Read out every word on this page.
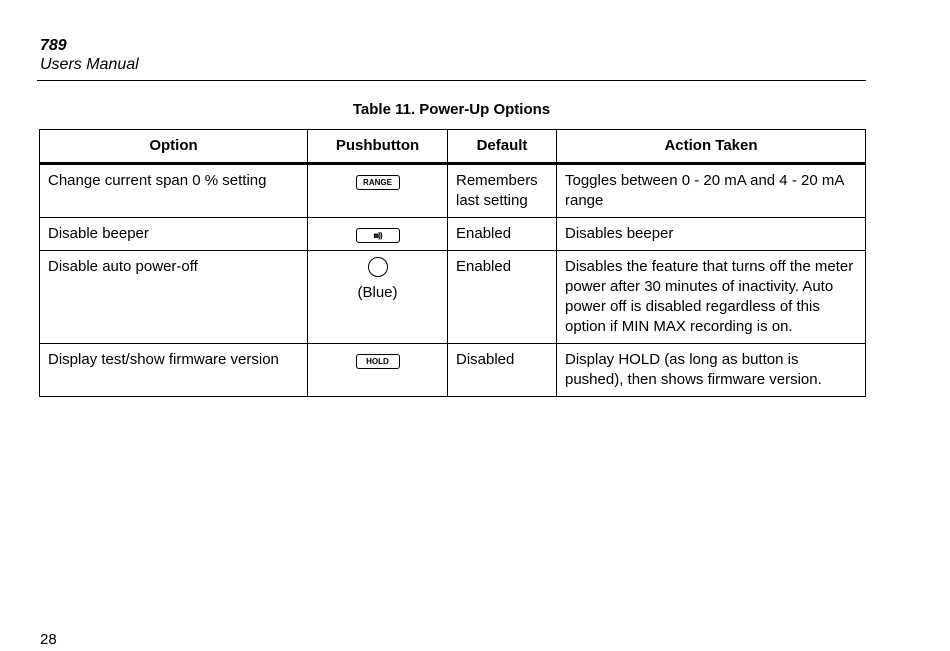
789
Users Manual
Table 11. Power-Up Options
Option	Pushbutton	Default	Action Taken
Change current span 0 % setting	RANGE	Remembers last setting	Toggles between 0 - 20 mA and 4 - 20 mA range
Disable beeper	ıııı))	Enabled	Disables beeper
Disable auto power-off	(Blue)	Enabled	Disables the feature that turns off the meter power after 30 minutes of inactivity. Auto power off is disabled regardless of this option if MIN MAX recording is on.
Display test/show firmware version	HOLD	Disabled	Display HOLD (as long as button is pushed), then shows firmware version.
28
